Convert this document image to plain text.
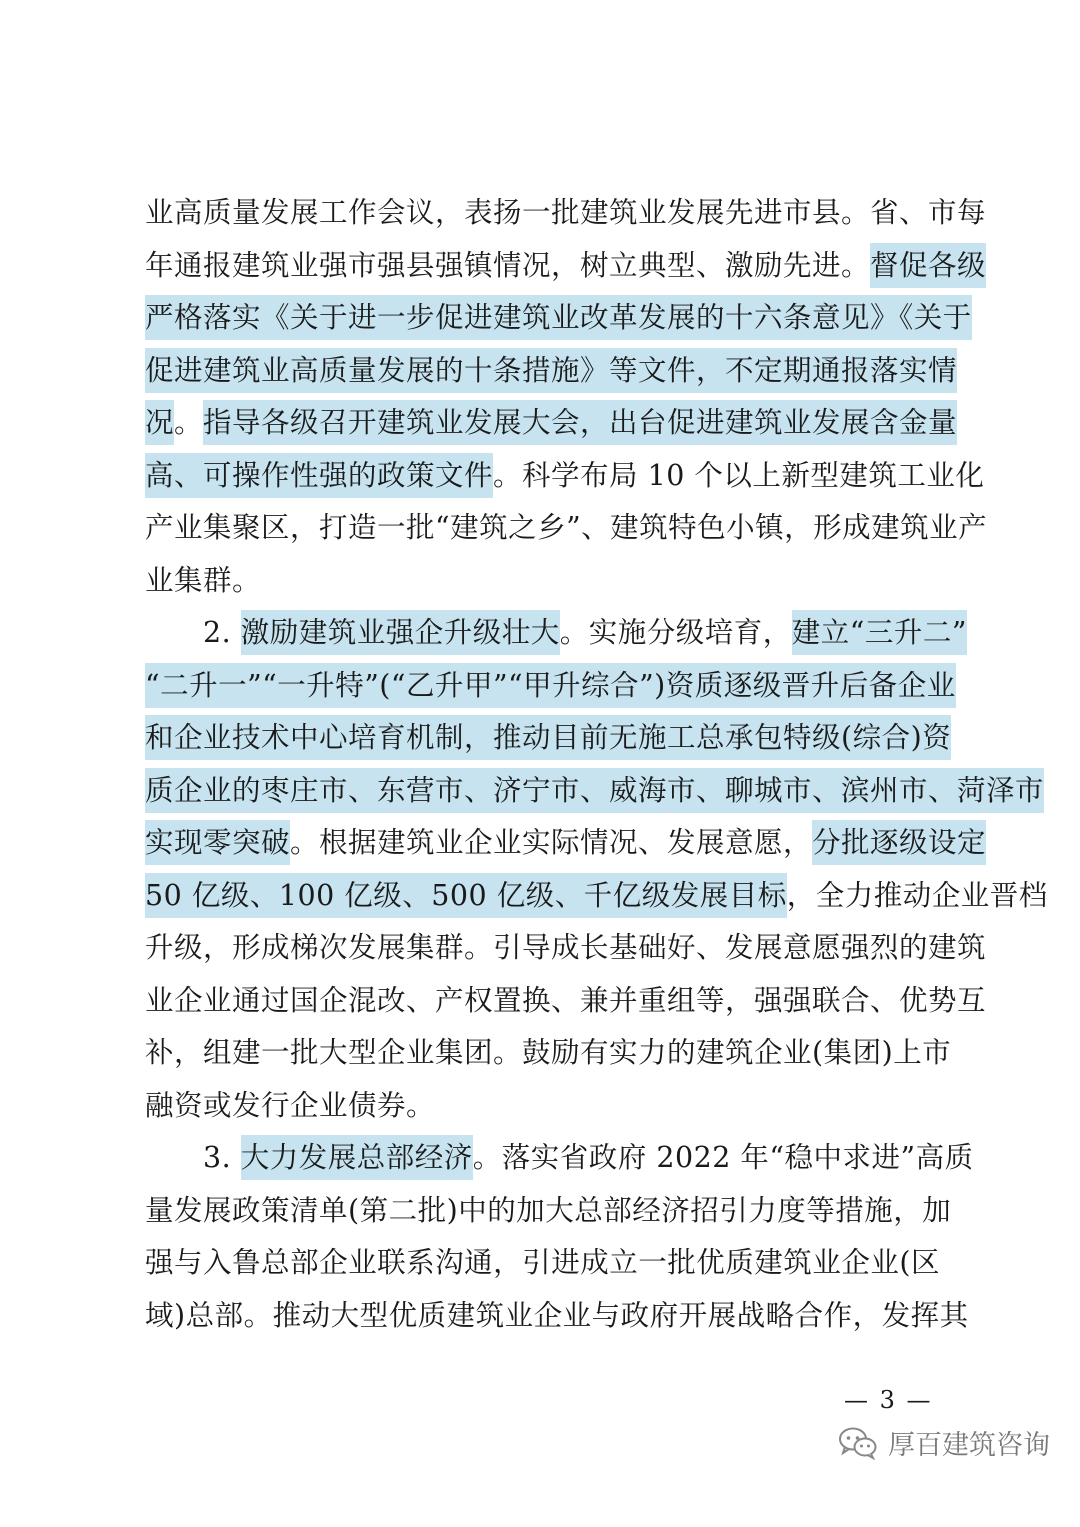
业高质量发展工作会议，表扬一批建筑业发展先进市县。省、市每
年通报建筑业强市强县强镇情况，树立典型、激励先进。督促各级
严格落实《关于进一步促进建筑业改革发展的十六条意见》《关于
促进建筑业高质量发展的十条措施》等文件，不定期通报落实情
况。指导各级召开建筑业发展大会，出台促进建筑业发展含金量
高、可操作性强的政策文件。科学布局 10 个以上新型建筑工业化
产业集聚区，打造一批“建筑之乡”、建筑特色小镇，形成建筑业产
业集群。
　　2. 激励建筑业强企升级壮大。实施分级培育，建立“三升二”
“二升一”“一升特”(“乙升甲”“甲升综合”)资质逐级晋升后备企业
和企业技术中心培育机制，推动目前无施工总承包特级(综合)资
质企业的枣庄市、东营市、济宁市、威海市、聊城市、滨州市、菏泽市
实现零突破。根据建筑业企业实际情况、发展意愿，分批逐级设定
50 亿级、100 亿级、500 亿级、千亿级发展目标，全力推动企业晋档
升级，形成梯次发展集群。引导成长基础好、发展意愿强烈的建筑
业企业通过国企混改、产权置换、兼并重组等，强强联合、优势互
补，组建一批大型企业集团。鼓励有实力的建筑企业(集团)上市
融资或发行企业债券。
　　3. 大力发展总部经济。落实省政府 2022 年“稳中求进”高质
量发展政策清单(第二批)中的加大总部经济招引力度等措施，加
强与入鲁总部企业联系沟通，引进成立一批优质建筑业企业(区
域)总部。推动大型优质建筑业企业与政府开展战略合作，发挥其
— 3 —
厚百建筑咨询
